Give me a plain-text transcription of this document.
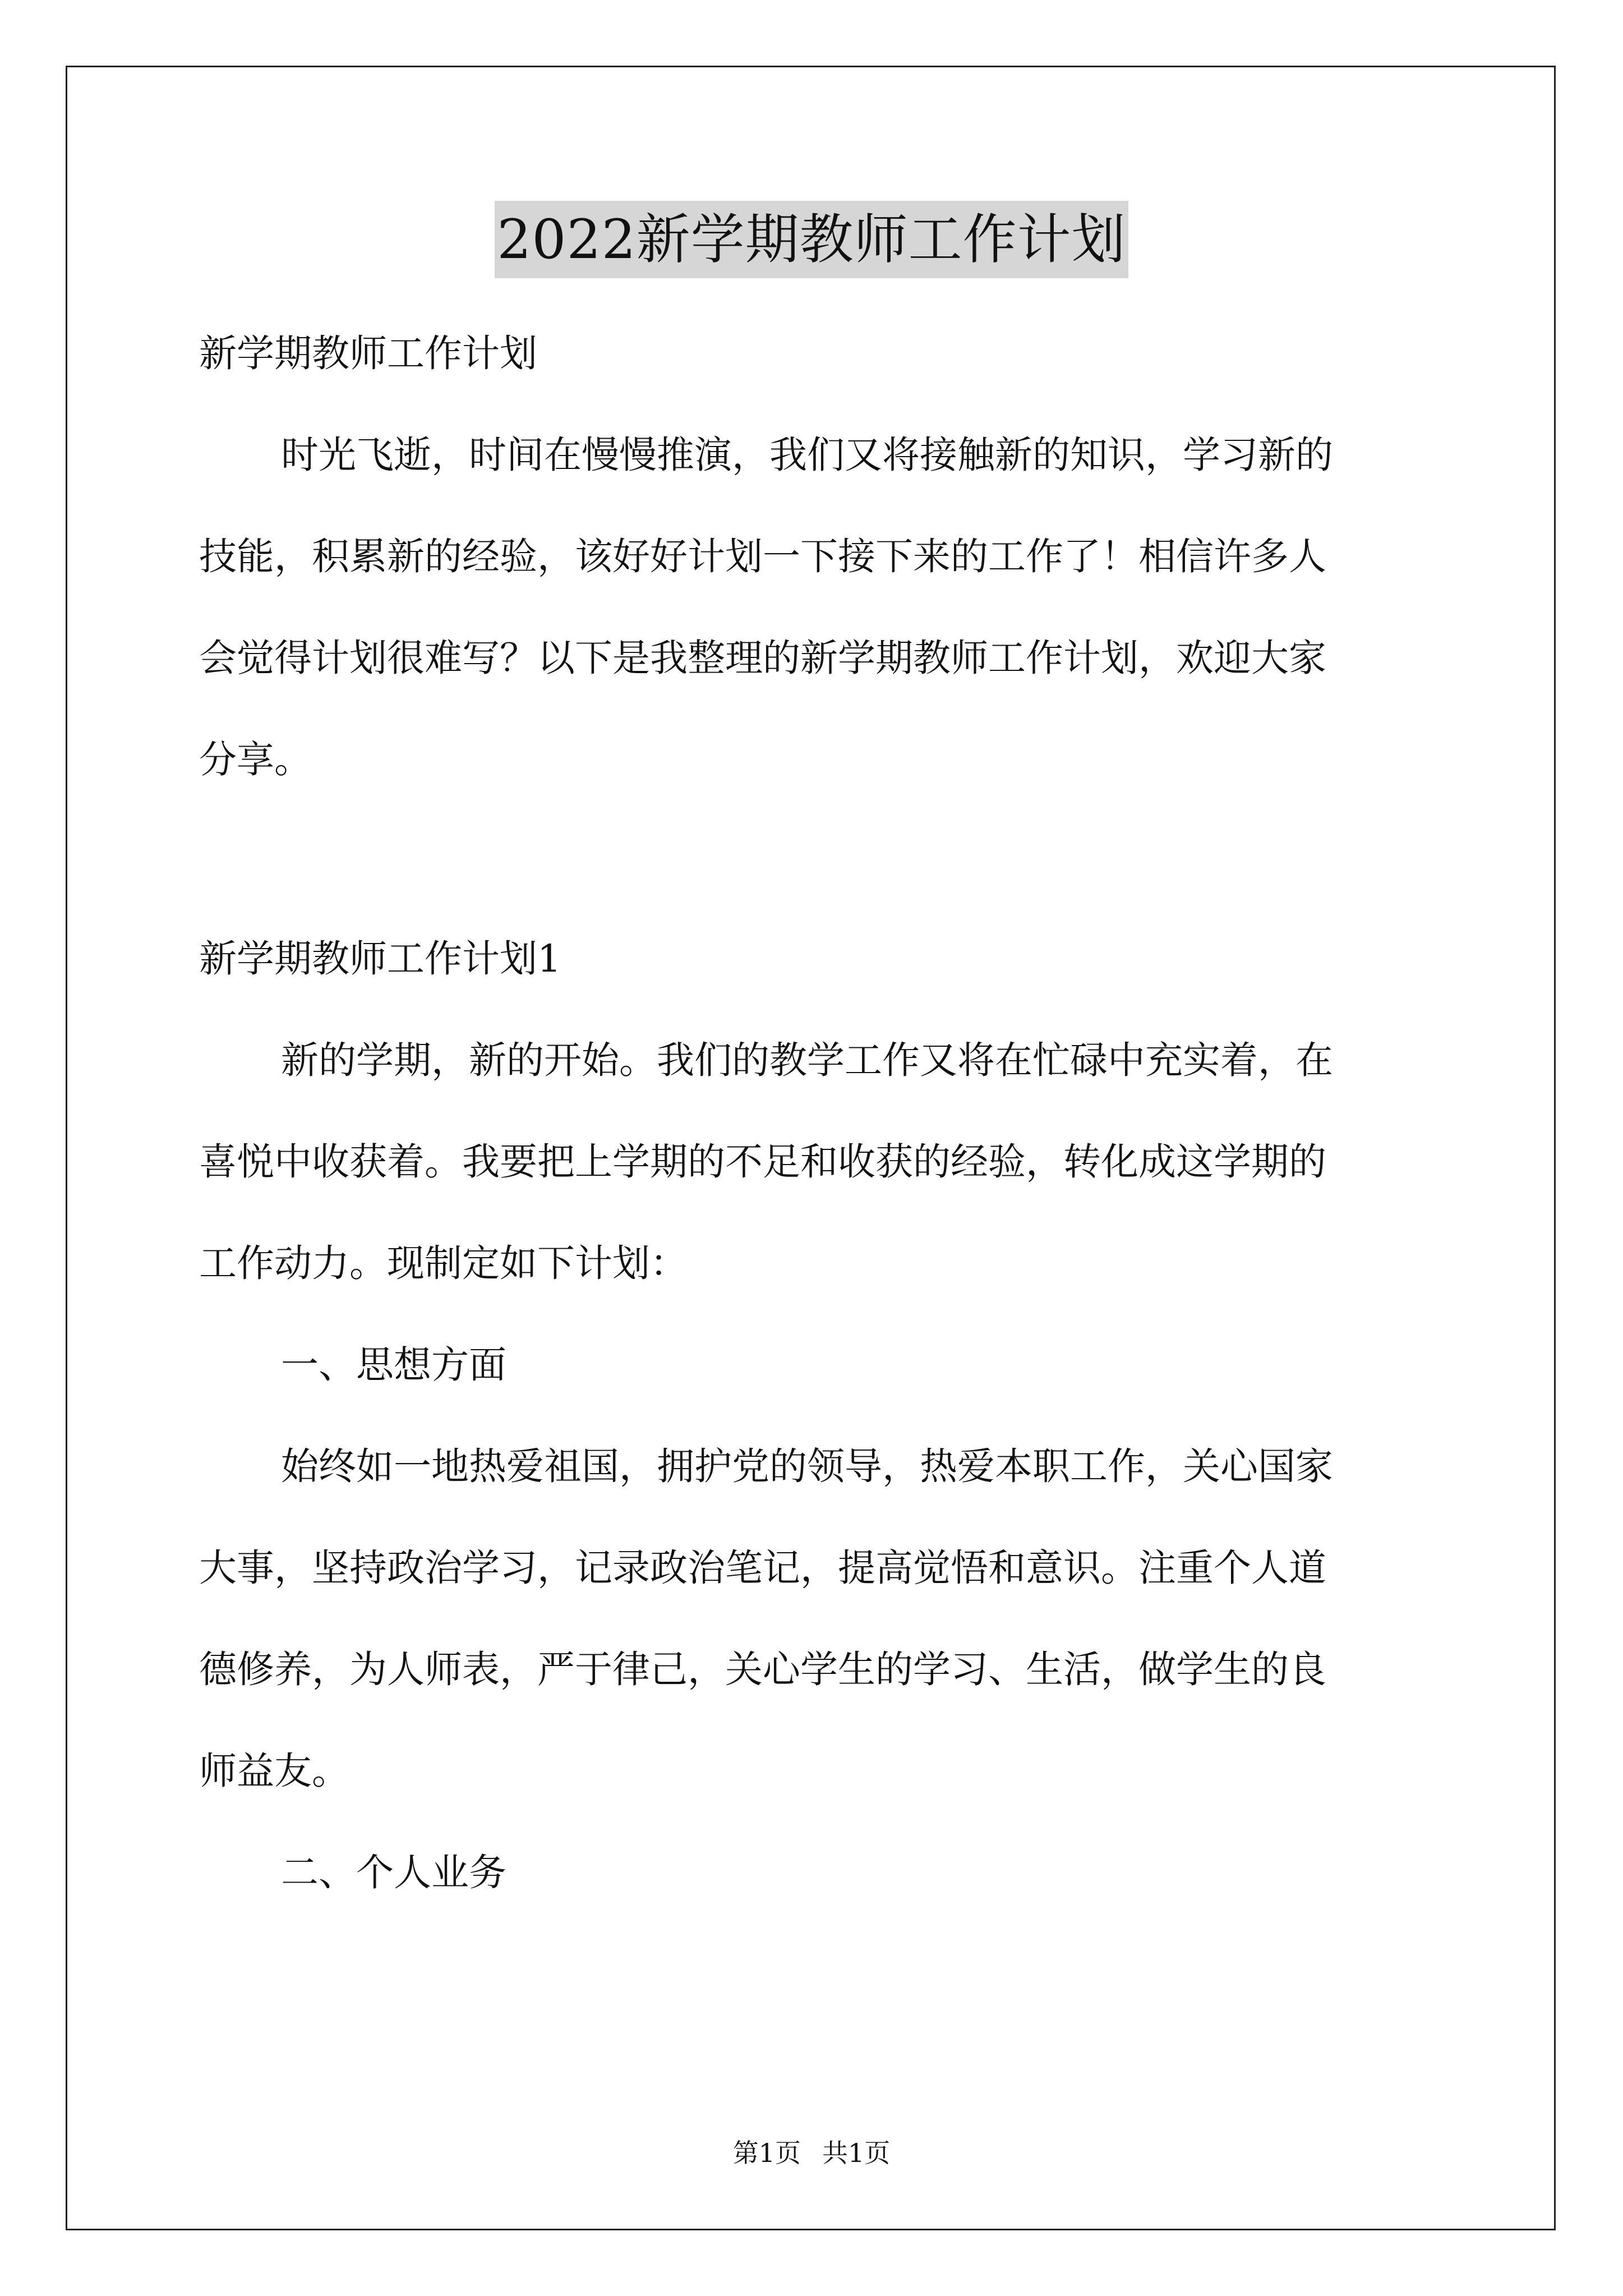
2022新学期教师工作计划
新学期教师工作计划
时光飞逝，时间在慢慢推演，我们又将接触新的知识，学习新的
技能，积累新的经验，该好好计划一下接下来的工作了！相信许多人
会觉得计划很难写？以下是我整理的新学期教师工作计划，欢迎大家
分享。
新学期教师工作计划1
新的学期，新的开始。我们的教学工作又将在忙碌中充实着，在
喜悦中收获着。我要把上学期的不足和收获的经验，转化成这学期的
工作动力。现制定如下计划：
一、思想方面
始终如一地热爱祖国，拥护党的领导，热爱本职工作，关心国家
大事，坚持政治学习，记录政治笔记，提高觉悟和意识。注重个人道
德修养，为人师表，严于律己，关心学生的学习、生活，做学生的良
师益友。
二、个人业务
第1页 共1页
